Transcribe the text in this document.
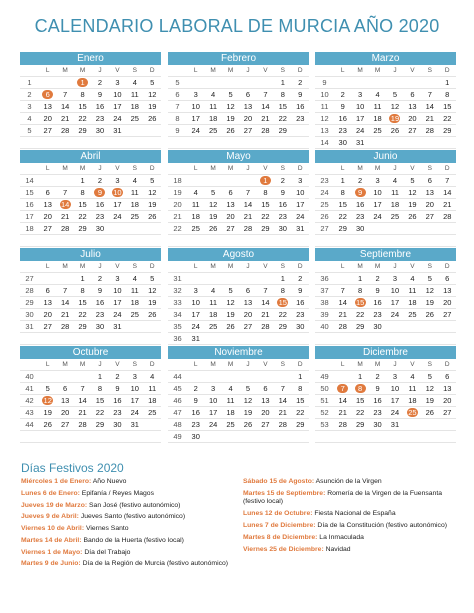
CALENDARIO LABORAL DE MURCIA AÑO 2020
Enero
	L	M	M	J	V	S	D
1			1	2	3	4	5
2	6	7	8	9	10	11	12
3	13	14	15	16	17	18	19
4	20	21	22	23	24	25	26
5	27	28	29	30	31		

Febrero
	L	M	M	J	V	S	D
5						1	2
6	3	4	5	6	7	8	9
7	10	11	12	13	14	15	16
8	17	18	19	20	21	22	23
9	24	25	26	27	28	29	

Marzo
	L	M	M	J	V	S	D
9							1
10	2	3	4	5	6	7	8
11	9	10	11	12	13	14	15
12	16	17	18	19	20	21	22
13	23	24	25	26	27	28	29
14	30	31					
Abril
	L	M	M	J	V	S	D
14			1	2	3	4	5
15	6	7	8	9	10	11	12
16	13	14	15	16	17	18	19
17	20	21	22	23	24	25	26
18	27	28	29	30			

Mayo
	L	M	M	J	V	S	D
18					1	2	3
19	4	5	6	7	8	9	10
20	11	12	13	14	15	16	17
21	18	19	20	21	22	23	24
22	25	26	27	28	29	30	31

Junio
	L	M	M	J	V	S	D
23	1	2	3	4	5	6	7
24	8	9	10	11	12	13	14
25	15	16	17	18	19	20	21
26	22	23	24	25	26	27	28
27	29	30					

Julio
	L	M	M	J	V	S	D
27			1	2	3	4	5
28	6	7	8	9	10	11	12
29	13	14	15	16	17	18	19
30	20	21	22	23	24	25	26
31	27	28	29	30	31		

Agosto
	L	M	M	J	V	S	D
31						1	2
32	3	4	5	6	7	8	9
33	10	11	12	13	14	15	16
34	17	18	19	20	21	22	23
35	24	25	26	27	28	29	30
36	31						
Septiembre
	L	M	M	J	V	S	D
36		1	2	3	4	5	6
37	7	8	9	10	11	12	13
38	14	15	16	17	18	19	20
39	21	22	23	24	25	26	27
40	28	29	30				

Octubre
	L	M	M	J	V	S	D
40				1	2	3	4
41	5	6	7	8	9	10	11
42	12	13	14	15	16	17	18
43	19	20	21	22	23	24	25
44	26	27	28	29	30	31	

Noviembre
	L	M	M	J	V	S	D
44							1
45	2	3	4	5	6	7	8
46	9	10	11	12	13	14	15
47	16	17	18	19	20	21	22
48	23	24	25	26	27	28	29
49	30						
Diciembre
	L	M	M	J	V	S	D
49		1	2	3	4	5	6
50	7	8	9	10	11	12	13
51	14	15	16	17	18	19	20
52	21	22	23	24	25	26	27
53	28	29	30	31			

Días Festivos 2020
Miércoles 1 de Enero: Año Nuevo
Lunes 6 de Enero: Epifanía / Reyes Magos
Jueves 19 de Marzo: San José (festivo autonómico)
Jueves 9 de Abril: Jueves Santo (festivo autonómico)
Viernes 10 de Abril: Viernes Santo
Martes 14 de Abril: Bando de la Huerta (festivo local)
Viernes 1 de Mayo: Día del Trabajo
Martes 9 de Junio: Día de la Región de Murcia (festivo autonómico)
Sábado 15 de Agosto: Asunción de la Virgen
Martes 15 de Septiembre: Romería de la Virgen de la Fuensanta (festivo local)
Lunes 12 de Octubre: Fiesta Nacional de España
Lunes 7 de Diciembre: Día de la Constitución (festivo autonómico)
Martes 8 de Diciembre: La Inmaculada
Viernes 25 de Diciembre: Navidad
